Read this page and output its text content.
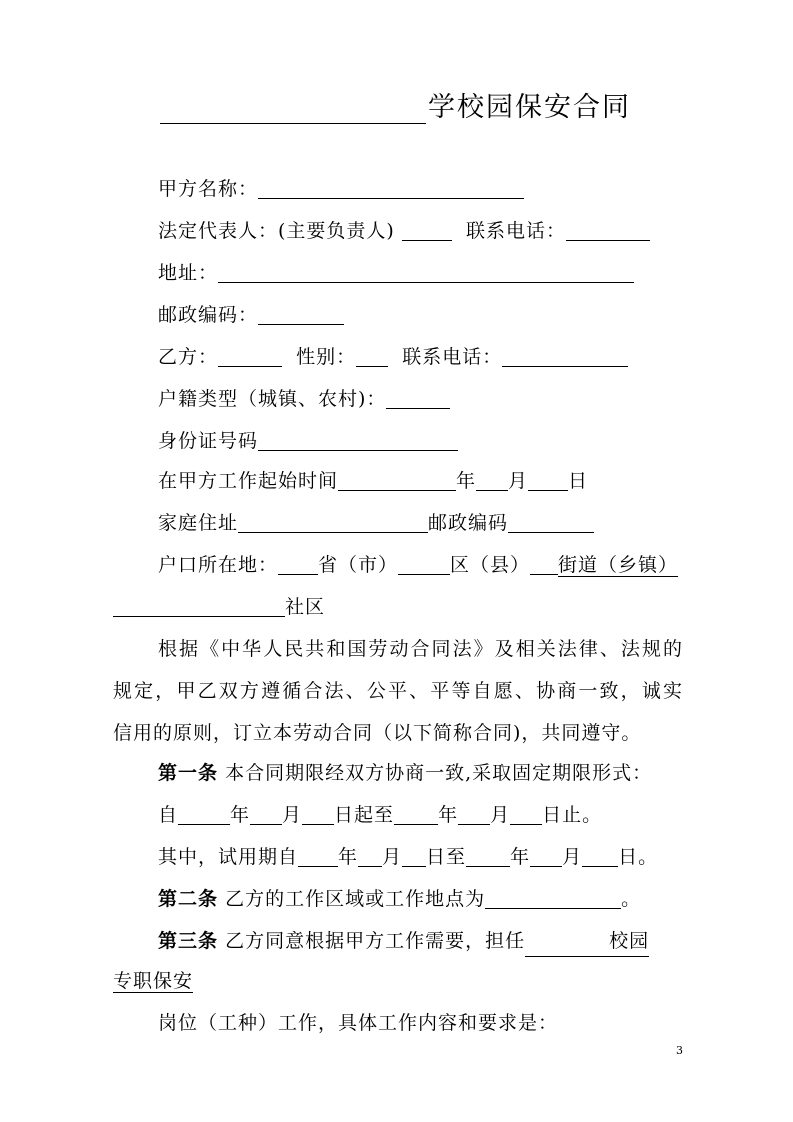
学校园保安合同
甲方名称：
法定代表人：(主要负责人)	联系电话：
地址：
邮政编码：
乙方：	性别： 联系电话：
户籍类型（城镇、农村)：
身份证号码
在甲方工作起始时间	年 月 日
家庭住址	邮政编码
户口所在地： 省（市）	区（县） 街道（乡镇）
社区
根据《中华人民共和国劳动合同法》及相关法律、法规的
规定，甲乙双方遵循合法、公平、平等自愿、协商一致，诚实
信用的原则，订立本劳动合同（以下简称合同)，共同遵守。
第一条 本合同期限经双方协商一致,采取固定期限形式：
自	年 月 日起至 年 月 日止。
其中，试用期自 年 月 日至 年 月 日。
第二条 乙方的工作区域或工作地点为	。
第三条 乙方同意根据甲方工作需要，担任	校园
专职保安
岗位（工种）工作，具体工作内容和要求是：
3
